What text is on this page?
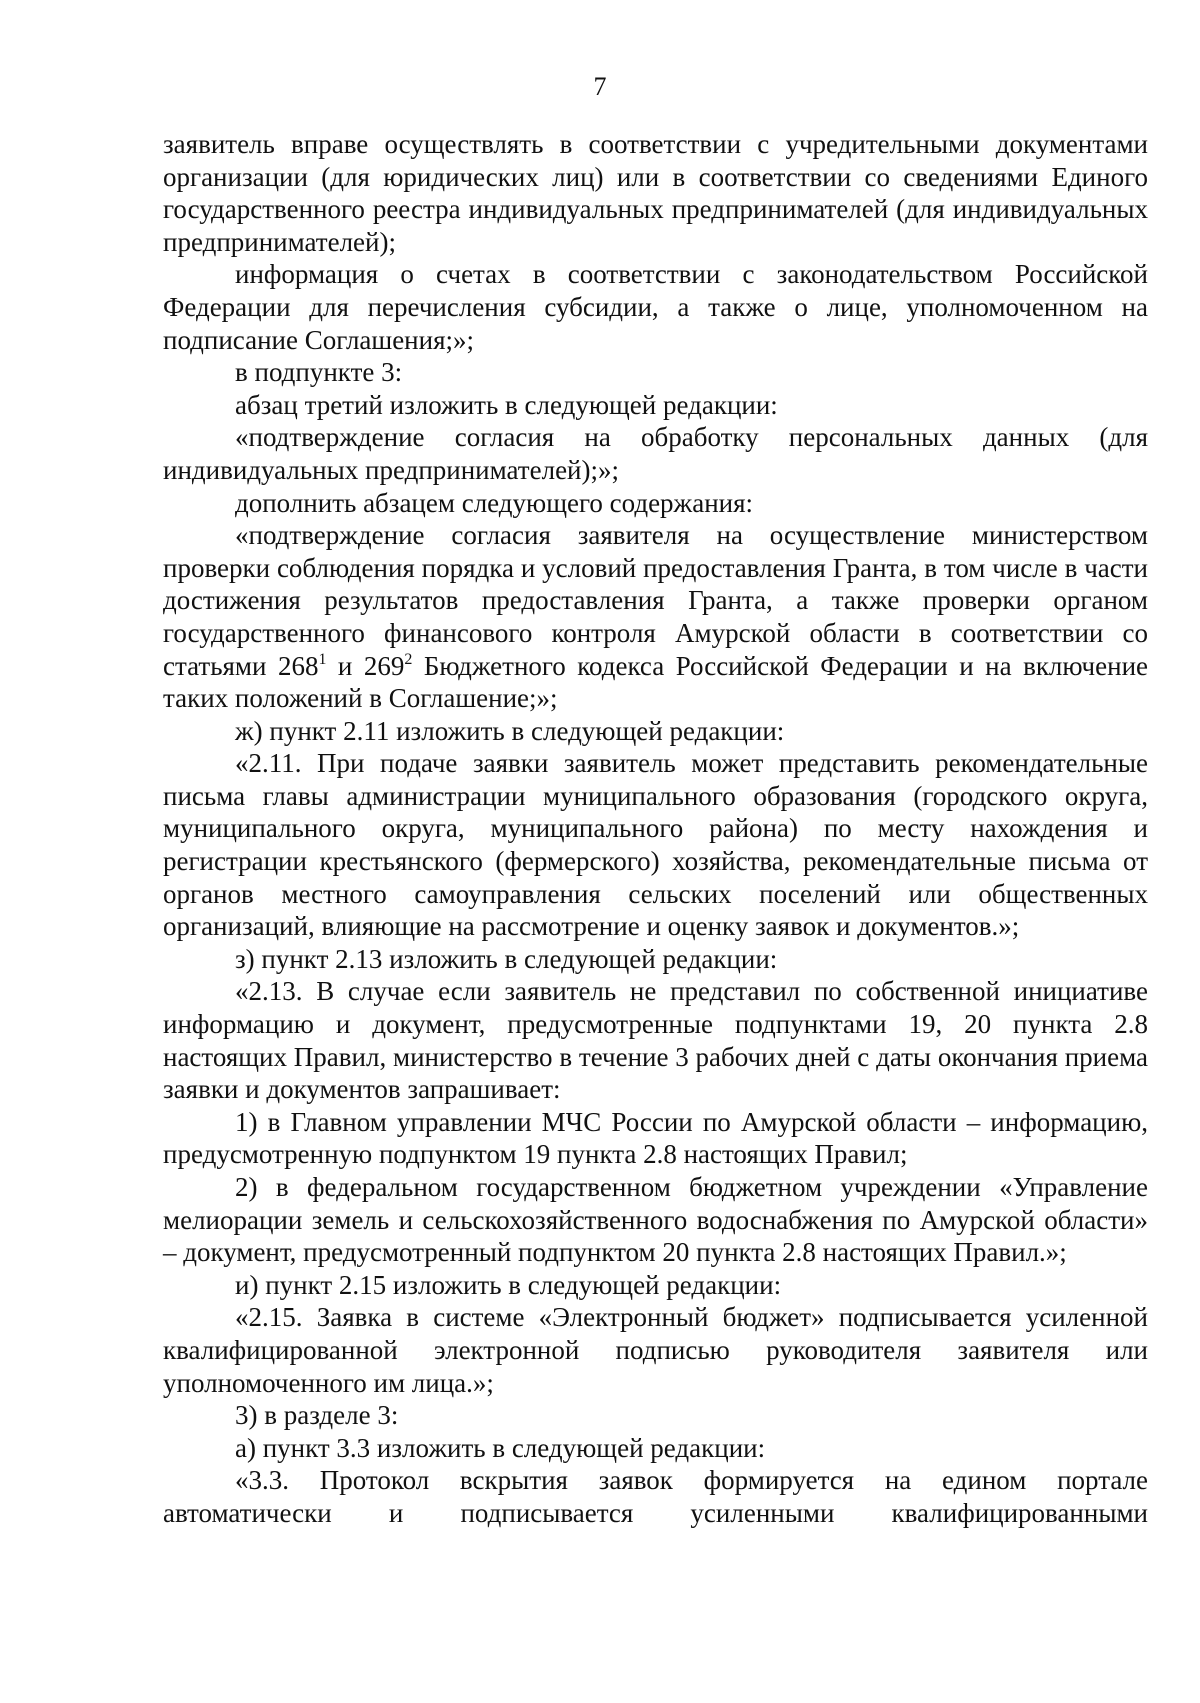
7

заявитель вправе осуществлять в соответствии с учредительными документами организации (для юридических лиц) или в соответствии со сведениями Единого государственного реестра индивидуальных предпринимателей (для индивидуальных предпринимателей);

информация о счетах в соответствии с законодательством Российской Федерации для перечисления субсидии, а также о лице, уполномоченном на подписание Соглашения;»;

в подпункте 3:

абзац третий изложить в следующей редакции:

«подтверждение согласия на обработку персональных данных (для индивидуальных предпринимателей);»;

дополнить абзацем следующего содержания:

«подтверждение согласия заявителя на осуществление министерством проверки соблюдения порядка и условий предоставления Гранта, в том числе в части достижения результатов предоставления Гранта, а также проверки органом государственного финансового контроля Амурской области в соответствии со статьями $268^1$ и $269^2$ Бюджетного кодекса Российской Федерации и на включение таких положений в Соглашение;»;

ж) пункт 2.11 изложить в следующей редакции:

«2.11. При подаче заявки заявитель может представить рекомендательные письма главы администрации муниципального образования (городского округа, муниципального округа, муниципального района) по месту нахождения и регистрации крестьянского (фермерского) хозяйства, рекомендательные письма от органов местного самоуправления сельских поселений или общественных организаций, влияющие на рассмотрение и оценку заявок и документов.»;

з) пункт 2.13 изложить в следующей редакции:

«2.13. В случае если заявитель не представил по собственной инициативе информацию и документ, предусмотренные подпунктами 19, 20 пункта 2.8 настоящих Правил, министерство в течение 3 рабочих дней с даты окончания приема заявки и документов запрашивает:

1) в Главном управлении МЧС России по Амурской области – информацию, предусмотренную подпунктом 19 пункта 2.8 настоящих Правил;

2) в федеральном государственном бюджетном учреждении «Управление мелиорации земель и сельскохозяйственного водоснабжения по Амурской области» – документ, предусмотренный подпунктом 20 пункта 2.8 настоящих Правил.»;

и) пункт 2.15 изложить в следующей редакции:

«2.15. Заявка в системе «Электронный бюджет» подписывается усиленной квалифицированной электронной подписью руководителя заявителя или уполномоченного им лица.»;

3) в разделе 3:

а) пункт 3.3 изложить в следующей редакции:

«3.3. Протокол вскрытия заявок формируется на едином портале автоматически и подписывается усиленными квалифицированными
